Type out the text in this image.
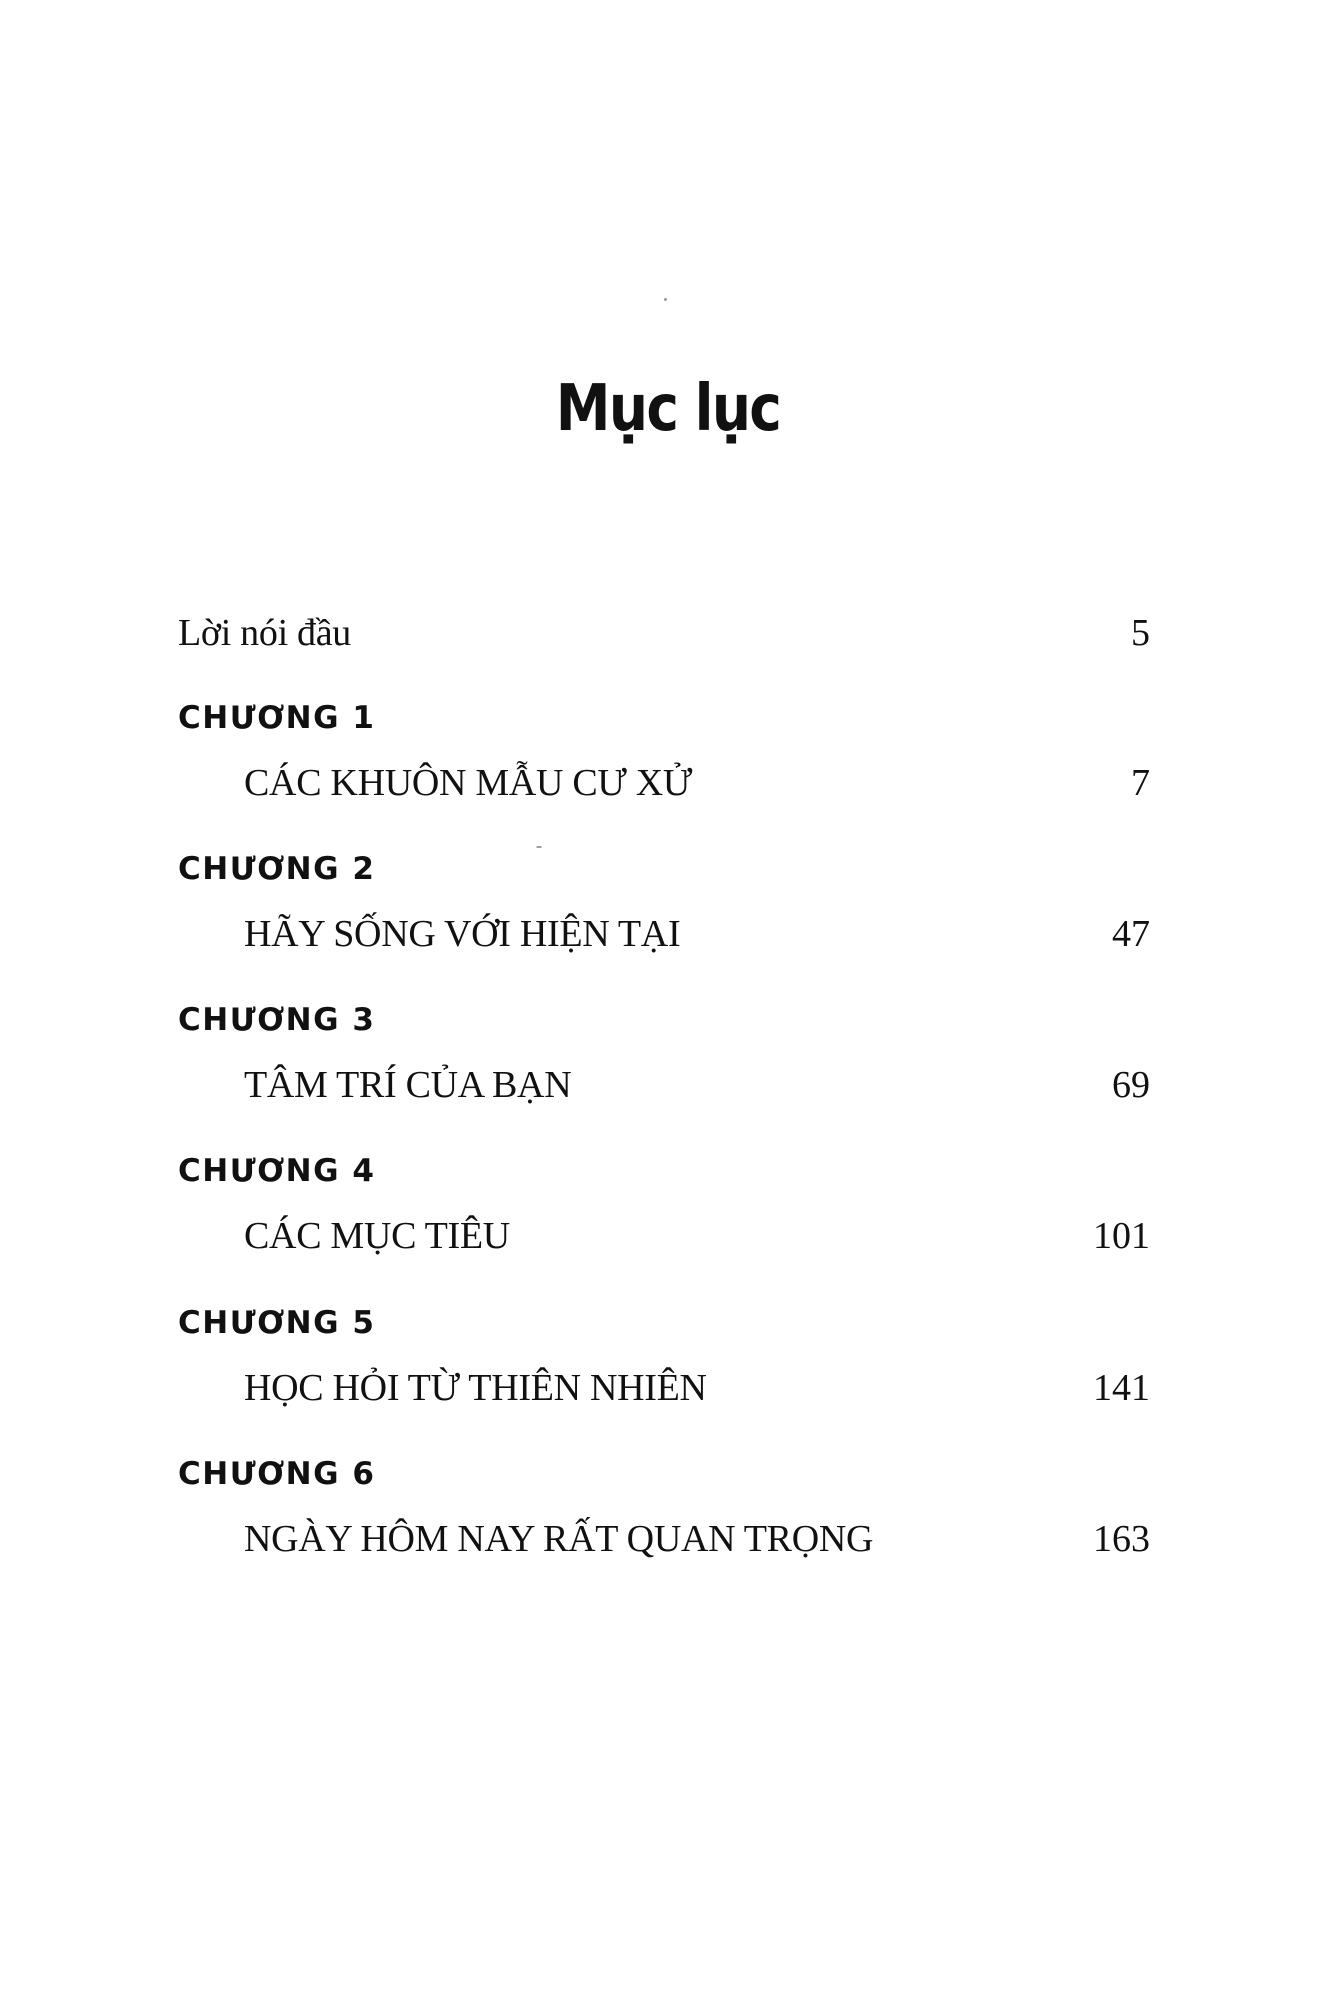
Mục lục
Lời nói đầu	5
CHƯƠNG 1
CÁC KHUÔN MẪU CƯ XỬ	7
CHƯƠNG 2
HÃY SỐNG VỚI HIỆN TẠI	47
CHƯƠNG 3
TÂM TRÍ CỦA BẠN	69
CHƯƠNG 4
CÁC MỤC TIÊU	101
CHƯƠNG 5
HỌC HỎI TỪ THIÊN NHIÊN	141
CHƯƠNG 6
NGÀY HÔM NAY RẤT QUAN TRỌNG	163
